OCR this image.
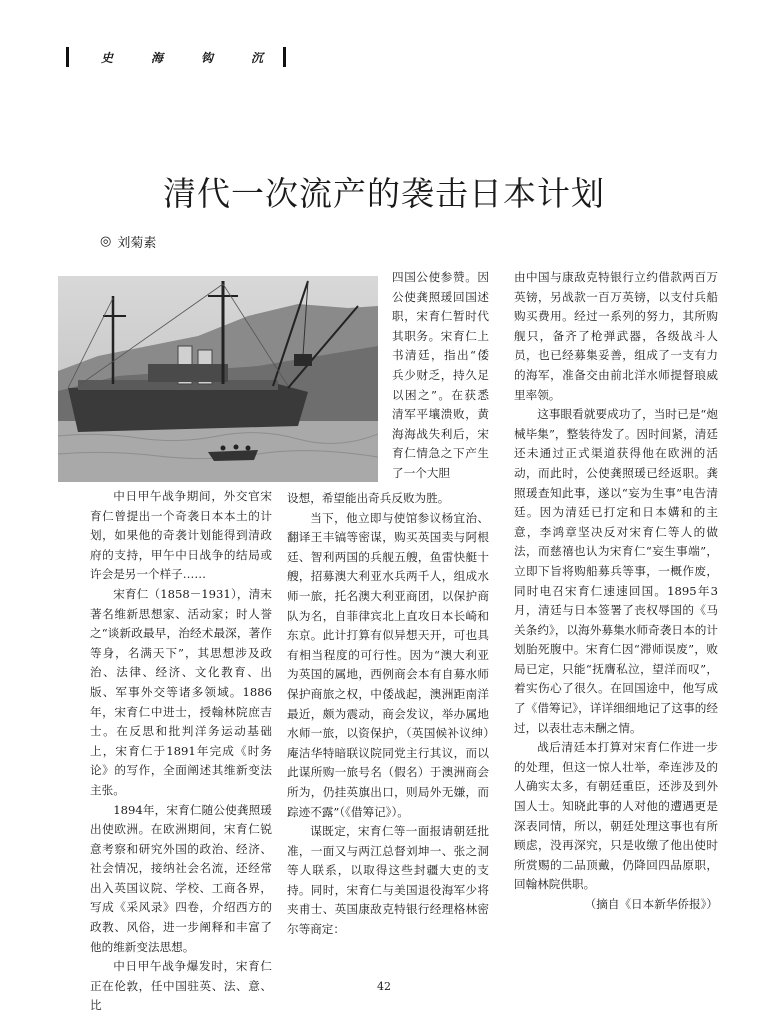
史	海	钩	沉
清代一次流产的袭击日本计划
◎ 刘菊素

四国公使参赞。因公使龚照瑗回国述职，宋育仁暂时代其职务。宋育仁上书清廷，指出“倭兵少财乏，持久足以困之”。在获悉清军平壤溃败，黄海海战失利后，宋育仁情急之下产生了一个大胆

中日甲午战争期间，外交官宋育仁曾提出一个奇袭日本本土的计划，如果他的奇袭计划能得到清政府的支持，甲午中日战争的结局或许会是另一个样子……

宋育仁（1858－1931），清末著名维新思想家、活动家；时人誉之“谈新政最早，治经术最深，著作等身，名满天下”，其思想涉及政治、法律、经济、文化教育、出版、军事外交等诸多领域。1886年，宋育仁中进士，授翰林院庶吉士。在反思和批判洋务运动基础上，宋育仁于1891年完成《时务论》的写作，全面阐述其维新变法主张。

1894年，宋育仁随公使龚照瑗出使欧洲。在欧洲期间，宋育仁锐意考察和研究外国的政治、经济、社会情况，接纳社会名流，还经常出入英国议院、学校、工商各界，写成《采风录》四卷，介绍西方的政教、风俗，进一步阐释和丰富了他的维新变法思想。

中日甲午战争爆发时，宋育仁正在伦敦，任中国驻英、法、意、比

设想，希望能出奇兵反败为胜。

当下，他立即与使馆参议杨宜治、翻译王丰镐等密谋，购买英国卖与阿根廷、智利两国的兵舰五艘，鱼雷快艇十艘，招募澳大利亚水兵两千人，组成水师一旅，托名澳大利亚商团，以保护商队为名，自菲律宾北上直攻日本长崎和东京。此计打算有似异想天开，可也具有相当程度的可行性。因为“澳大利亚为英国的属地，西例商会本有自募水师保护商旅之权，中倭战起，澳洲距南洋最近，颇为震动，商会发议，举办属地水师一旅，以资保护，（英国候补议绅）庵洁华特暗联议院同党主行其议，而以此谋所购一旅号名（假名）于澳洲商会所为，仍挂英旗出口，则局外无嫌，而踪迹不露”（《借筹记》）。

谋既定，宋育仁等一面报请朝廷批准，一面又与两江总督刘坤一、张之洞等人联系，以取得这些封疆大吏的支持。同时，宋育仁与美国退役海军少将夹甫士、英国康敌克特银行经理格林密尔等商定：

由中国与康敌克特银行立约借款两百万英镑，另战款一百万英镑，以支付兵船购买费用。经过一系列的努力，其所购舰只，备齐了枪弹武器，各级战斗人员，也已经募集妥善，组成了一支有力的海军，准备交由前北洋水师提督琅威里率领。

这事眼看就要成功了，当时已是“炮械毕集”，整装待发了。因时间紧，清廷还未通过正式渠道获得他在欧洲的活动，而此时，公使龚照瑗已经返职。龚照瑗查知此事，遂以“妄为生事”电告清廷。因为清廷已打定和日本媾和的主意，李鸿章坚决反对宋育仁等人的做法，而慈禧也认为宋育仁“妄生事端”，立即下旨将购船募兵等事，一概作废，同时电召宋育仁速速回国。1895年3月，清廷与日本签署了丧权辱国的《马关条约》，以海外募集水师奇袭日本的计划胎死腹中。宋育仁因“滞师误废”，败局已定，只能“抚膺私泣，望洋而叹”，着实伤心了很久。在回国途中，他写成了《借筹记》，详详细细地记了这事的经过，以表壮志未酬之情。

战后清廷本打算对宋育仁作进一步的处理，但这一惊人壮举，牵连涉及的人确实太多，有朝廷重臣，还涉及到外国人士。知晓此事的人对他的遭遇更是深表同情，所以，朝廷处理这事也有所顾虑，没再深究，只是收缴了他出使时所赏赐的二品顶戴，仍降回四品原职，回翰林院供职。

（摘自《日本新华侨报》）

42
